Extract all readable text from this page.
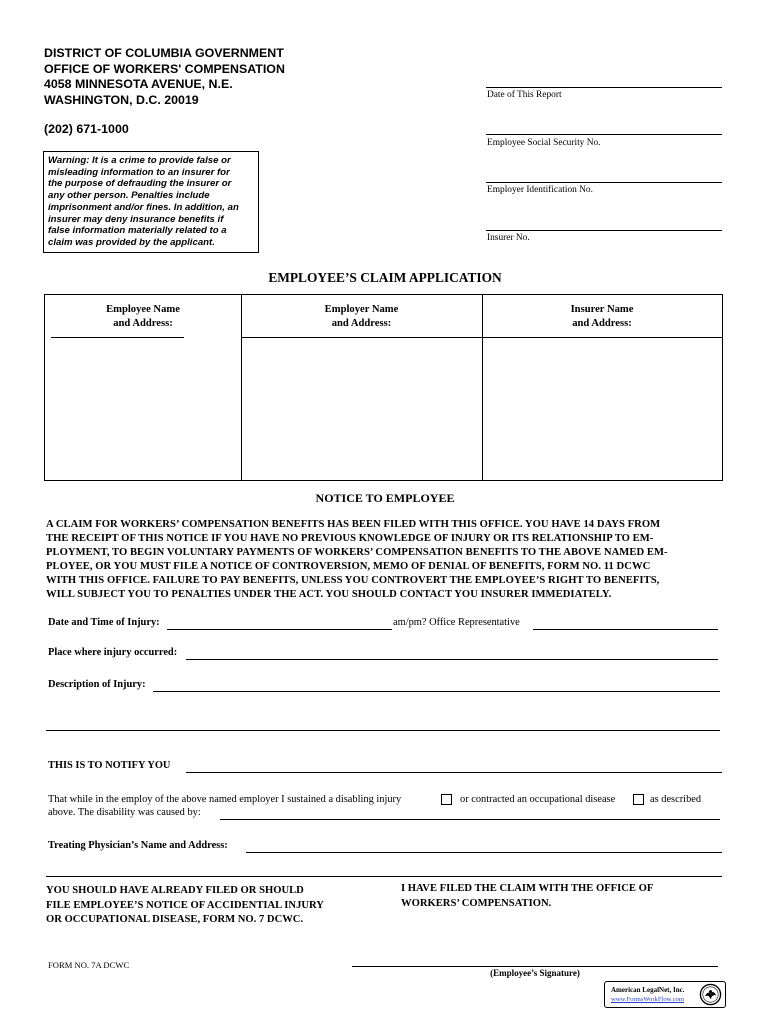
DISTRICT OF COLUMBIA GOVERNMENT
OFFICE OF WORKERS' COMPENSATION
4058 MINNESOTA AVENUE, N.E.
WASHINGTON, D.C. 20019
(202) 671-1000
Warning: It is a crime to provide false or
misleading information to an insurer for
the purpose of defrauding the insurer or
any other person. Penalties include
imprisonment and/or fines. In addition, an
insurer may deny insurance benefits if
false information materially related to a
claim was provided by the applicant.
Date of This Report
Employee Social Security No.
Employer Identification No.
Insurer No.
EMPLOYEE’S CLAIM APPLICATION
Employee Name
and Address:
Employer Name
and Address:
Insurer Name
and Address:
NOTICE TO EMPLOYEE
A CLAIM FOR WORKERS’ COMPENSATION BENEFITS HAS BEEN FILED WITH THIS OFFICE. YOU HAVE 14 DAYS FROM
THE RECEIPT OF THIS NOTICE IF YOU HAVE NO PREVIOUS KNOWLEDGE OF INJURY OR ITS RELATIONSHIP TO EM-
PLOYMENT, TO BEGIN VOLUNTARY PAYMENTS OF WORKERS’ COMPENSATION BENEFITS TO THE ABOVE NAMED EM-
PLOYEE, OR YOU MUST FILE A NOTICE OF CONTROVERSION, MEMO OF DENIAL OF BENEFITS, FORM NO. 11 DCWC
WITH THIS OFFICE. FAILURE TO PAY BENEFITS, UNLESS YOU CONTROVERT THE EMPLOYEE’S RIGHT TO BENEFITS,
WILL SUBJECT YOU TO PENALTIES UNDER THE ACT. YOU SHOULD CONTACT YOU INSURER IMMEDIATELY.
Date and Time of Injury:	am/pm? Office Representative
Place where injury occurred:
Description of Injury:
THIS IS TO NOTIFY YOU
That while in the employ of the above named employer I sustained a disabling injury	or contracted an occupational disease	as described
above. The disability was caused by:
Treating Physician’s Name and Address:
YOU SHOULD HAVE ALREADY FILED OR SHOULD
FILE EMPLOYEE’S NOTICE OF ACCIDENTIAL INJURY
OR OCCUPATIONAL DISEASE, FORM NO. 7 DCWC.
I HAVE FILED THE CLAIM WITH THE OFFICE OF
WORKERS’ COMPENSATION.
FORM NO. 7A DCWC
(Employee’s Signature)
American LegalNet, Inc.
www.FormsWorkFlow.com
